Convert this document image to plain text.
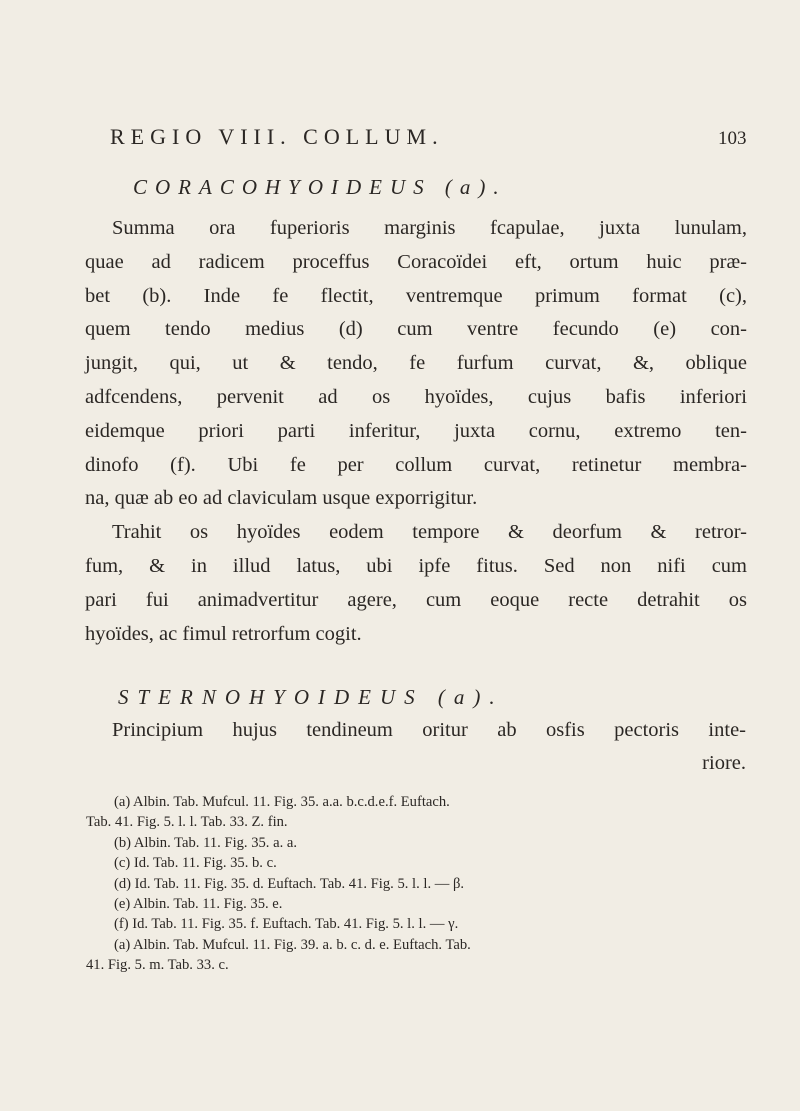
REGIO VIII. COLLUM.	103
CORACOHYOIDEUS (a).

Summa ora fuperioris marginis fcapulae, juxta lunulam,

quae ad radicem proceffus Coracoïdei eft, ortum huic præ-

bet (b). Inde fe flectit, ventremque primum format (c),

quem tendo medius (d) cum ventre fecundo (e) con-

jungit, qui, ut & tendo, fe furfum curvat, &, oblique

adfcendens, pervenit ad os hyoïdes, cujus bafis inferiori

eidemque priori parti inferitur, juxta cornu, extremo ten-

dinofo (f). Ubi fe per collum curvat, retinetur membra-

na, quæ ab eo ad claviculam usque exporrigitur.

Trahit os hyoïdes eodem tempore & deorfum & retror-

fum, & in illud latus, ubi ipfe fitus. Sed non nifi cum

pari fui animadvertitur agere, cum eoque recte detrahit os

hyoïdes, ac fimul retrorfum cogit.

STERNOHYOIDEUS (a).
Principium hujus tendineum oritur ab osfis pectoris inte-
riore.
(a) Albin. Tab. Mufcul. 11. Fig. 35. a.a. b.c.d.e.f. Euftach.
Tab. 41. Fig. 5. l. l. Tab. 33. Z. fin.
(b) Albin. Tab. 11. Fig. 35. a. a.
(c) Id. Tab. 11. Fig. 35. b. c.
(d) Id. Tab. 11. Fig. 35. d. Euftach. Tab. 41. Fig. 5. l. l. — β.
(e) Albin. Tab. 11. Fig. 35. e.
(f) Id. Tab. 11. Fig. 35. f. Euftach. Tab. 41. Fig. 5. l. l. — γ.
(a) Albin. Tab. Mufcul. 11. Fig. 39. a. b. c. d. e. Euftach. Tab.
41. Fig. 5. m. Tab. 33. c.
